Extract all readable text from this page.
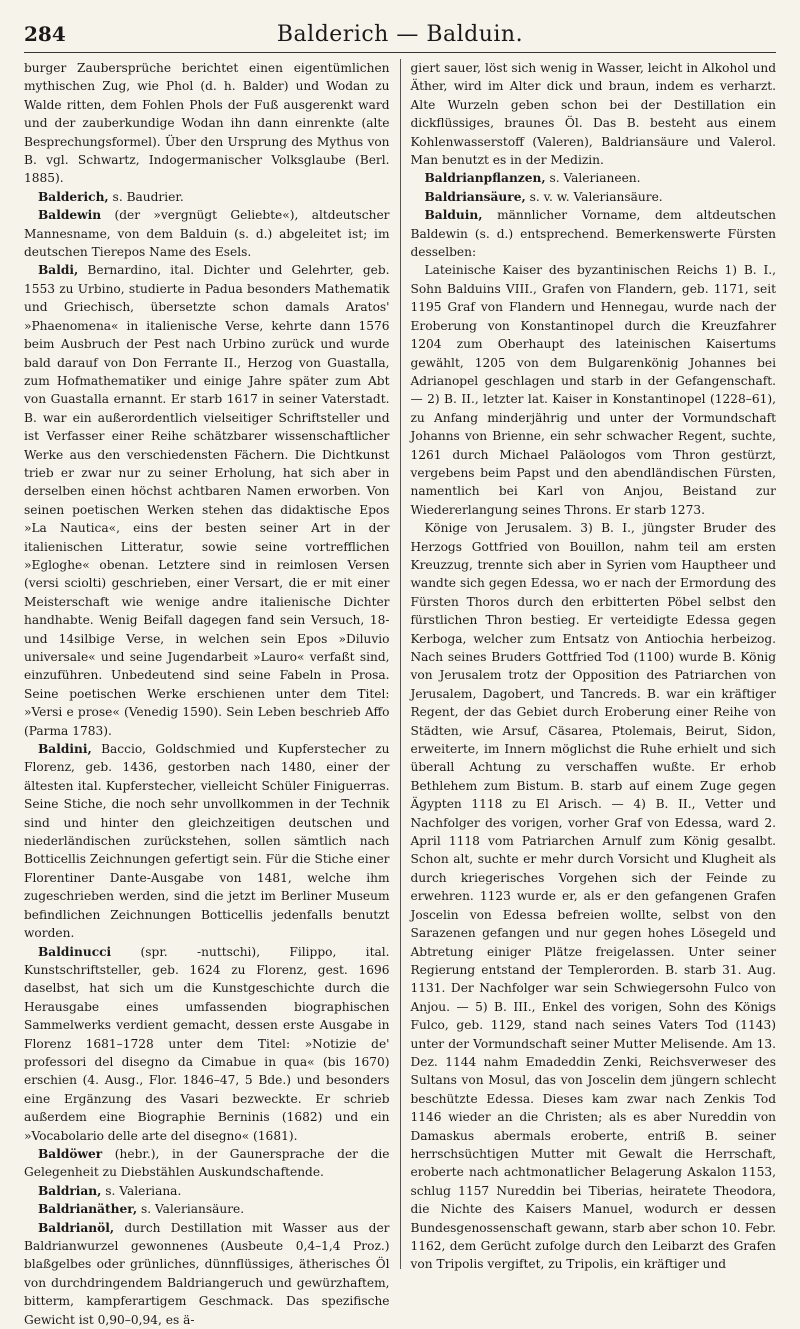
284	Balderich — Balduin.

burger Zaubersprüche berichtet einen eigentümlichen mythischen Zug, wie Phol (d. h. Balder) und Wodan zu Walde ritten, dem Fohlen Phols der Fuß ausgerenkt ward und der zauberkundige Wodan ihn dann einrenkte (alte Besprechungsformel). Über den Ursprung des Mythus von B. vgl. Schwartz, Indogermanischer Volksglaube (Berl. 1885).

Balderich, s. Baudrier.

Baldewin (der »vergnügt Geliebte«), altdeutscher Mannesname, von dem Balduin (s. d.) abgeleitet ist; im deutschen Tierepos Name des Esels.

Baldi, Bernardino, ital. Dichter und Gelehrter, geb. 1553 zu Urbino, studierte in Padua besonders Mathematik und Griechisch, übersetzte schon damals Aratos' »Phaenomena« in italienische Verse, kehrte dann 1576 beim Ausbruch der Pest nach Urbino zurück und wurde bald darauf von Don Ferrante II., Herzog von Guastalla, zum Hofmathematiker und einige Jahre später zum Abt von Guastalla ernannt. Er starb 1617 in seiner Vaterstadt. B. war ein außerordentlich vielseitiger Schriftsteller und ist Verfasser einer Reihe schätzbarer wissenschaftlicher Werke aus den verschiedensten Fächern. Die Dichtkunst trieb er zwar nur zu seiner Erholung, hat sich aber in derselben einen höchst achtbaren Namen erworben. Von seinen poetischen Werken stehen das didaktische Epos »La Nautica«, eins der besten seiner Art in der italienischen Litteratur, sowie seine vortrefflichen »Egloghe« obenan. Letztere sind in reimlosen Versen (versi sciolti) geschrieben, einer Versart, die er mit einer Meisterschaft wie wenige andre italienische Dichter handhabte. Wenig Beifall dagegen fand sein Versuch, 18- und 14silbige Verse, in welchen sein Epos »Diluvio universale« und seine Jugendarbeit »Lauro« verfaßt sind, einzuführen. Unbedeutend sind seine Fabeln in Prosa. Seine poetischen Werke erschienen unter dem Titel: »Versi e prose« (Venedig 1590). Sein Leben beschrieb Affo (Parma 1783).

Baldini, Baccio, Goldschmied und Kupferstecher zu Florenz, geb. 1436, gestorben nach 1480, einer der ältesten ital. Kupferstecher, vielleicht Schüler Finiguerras. Seine Stiche, die noch sehr unvollkommen in der Technik sind und hinter den gleichzeitigen deutschen und niederländischen zurückstehen, sollen sämtlich nach Botticellis Zeichnungen gefertigt sein. Für die Stiche einer Florentiner Dante-Ausgabe von 1481, welche ihm zugeschrieben werden, sind die jetzt im Berliner Museum befindlichen Zeichnungen Botticellis jedenfalls benutzt worden.

Baldinucci (spr. -nuttschi), Filippo, ital. Kunstschriftsteller, geb. 1624 zu Florenz, gest. 1696 daselbst, hat sich um die Kunstgeschichte durch die Herausgabe eines umfassenden biographischen Sammelwerks verdient gemacht, dessen erste Ausgabe in Florenz 1681–1728 unter dem Titel: »Notizie de' professori del disegno da Cimabue in qua« (bis 1670) erschien (4. Ausg., Flor. 1846–47, 5 Bde.) und besonders eine Ergänzung des Vasari bezweckte. Er schrieb außerdem eine Biographie Berninis (1682) und ein »Vocabolario delle arte del disegno« (1681).

Baldöwer (hebr.), in der Gaunersprache der die Gelegenheit zu Diebstählen Auskundschaftende.

Baldrian, s. Valeriana.

Baldrianäther, s. Valeriansäure.

Baldrianöl, durch Destillation mit Wasser aus der Baldrianwurzel gewonnenes (Ausbeute 0,4–1,4 Proz.) blaßgelbes oder grünliches, dünnflüssiges, ätherisches Öl von durchdringendem Baldriangeruch und gewürzhaftem, bitterm, kampferartigem Geschmack. Das spezifische Gewicht ist 0,90–0,94, es ä-

giert sauer, löst sich wenig in Wasser, leicht in Alkohol und Äther, wird im Alter dick und braun, indem es verharzt. Alte Wurzeln geben schon bei der Destillation ein dickflüssiges, braunes Öl. Das B. besteht aus einem Kohlenwasserstoff (Valeren), Baldriansäure und Valerol. Man benutzt es in der Medizin.

Baldrianpflanzen, s. Valerianeen.

Baldriansäure, s. v. w. Valeriansäure.

Balduin, männlicher Vorname, dem altdeutschen Baldewin (s. d.) entsprechend. Bemerkenswerte Fürsten desselben:

Lateinische Kaiser des byzantinischen Reichs 1) B. I., Sohn Balduins VIII., Grafen von Flandern, geb. 1171, seit 1195 Graf von Flandern und Hennegau, wurde nach der Eroberung von Konstantinopel durch die Kreuzfahrer 1204 zum Oberhaupt des lateinischen Kaisertums gewählt, 1205 von dem Bulgarenkönig Johannes bei Adrianopel geschlagen und starb in der Gefangenschaft. — 2) B. II., letzter lat. Kaiser in Konstantinopel (1228–61), zu Anfang minderjährig und unter der Vormundschaft Johanns von Brienne, ein sehr schwacher Regent, suchte, 1261 durch Michael Paläologos vom Thron gestürzt, vergebens beim Papst und den abendländischen Fürsten, namentlich bei Karl von Anjou, Beistand zur Wiedererlangung seines Throns. Er starb 1273.

Könige von Jerusalem. 3) B. I., jüngster Bruder des Herzogs Gottfried von Bouillon, nahm teil am ersten Kreuzzug, trennte sich aber in Syrien vom Hauptheer und wandte sich gegen Edessa, wo er nach der Ermordung des Fürsten Thoros durch den erbitterten Pöbel selbst den fürstlichen Thron bestieg. Er verteidigte Edessa gegen Kerboga, welcher zum Entsatz von Antiochia herbeizog. Nach seines Bruders Gottfried Tod (1100) wurde B. König von Jerusalem trotz der Opposition des Patriarchen von Jerusalem, Dagobert, und Tancreds. B. war ein kräftiger Regent, der das Gebiet durch Eroberung einer Reihe von Städten, wie Arsuf, Cäsarea, Ptolemais, Beirut, Sidon, erweiterte, im Innern möglichst die Ruhe erhielt und sich überall Achtung zu verschaffen wußte. Er erhob Bethlehem zum Bistum. B. starb auf einem Zuge gegen Ägypten 1118 zu El Arisch. — 4) B. II., Vetter und Nachfolger des vorigen, vorher Graf von Edessa, ward 2. April 1118 vom Patriarchen Arnulf zum König gesalbt. Schon alt, suchte er mehr durch Vorsicht und Klugheit als durch kriegerisches Vorgehen sich der Feinde zu erwehren. 1123 wurde er, als er den gefangenen Grafen Joscelin von Edessa befreien wollte, selbst von den Sarazenen gefangen und nur gegen hohes Lösegeld und Abtretung einiger Plätze freigelassen. Unter seiner Regierung entstand der Templerorden. B. starb 31. Aug. 1131. Der Nachfolger war sein Schwiegersohn Fulco von Anjou. — 5) B. III., Enkel des vorigen, Sohn des Königs Fulco, geb. 1129, stand nach seines Vaters Tod (1143) unter der Vormundschaft seiner Mutter Melisende. Am 13. Dez. 1144 nahm Emadeddin Zenki, Reichsverweser des Sultans von Mosul, das von Joscelin dem jüngern schlecht beschützte Edessa. Dieses kam zwar nach Zenkis Tod 1146 wieder an die Christen; als es aber Nureddin von Damaskus abermals eroberte, entriß B. seiner herrschsüchtigen Mutter mit Gewalt die Herrschaft, eroberte nach achtmonatlicher Belagerung Askalon 1153, schlug 1157 Nureddin bei Tiberias, heiratete Theodora, die Nichte des Kaisers Manuel, wodurch er dessen Bundesgenossenschaft gewann, starb aber schon 10. Febr. 1162, dem Gerücht zufolge durch den Leibarzt des Grafen von Tripolis vergiftet, zu Tripolis, ein kräftiger und
